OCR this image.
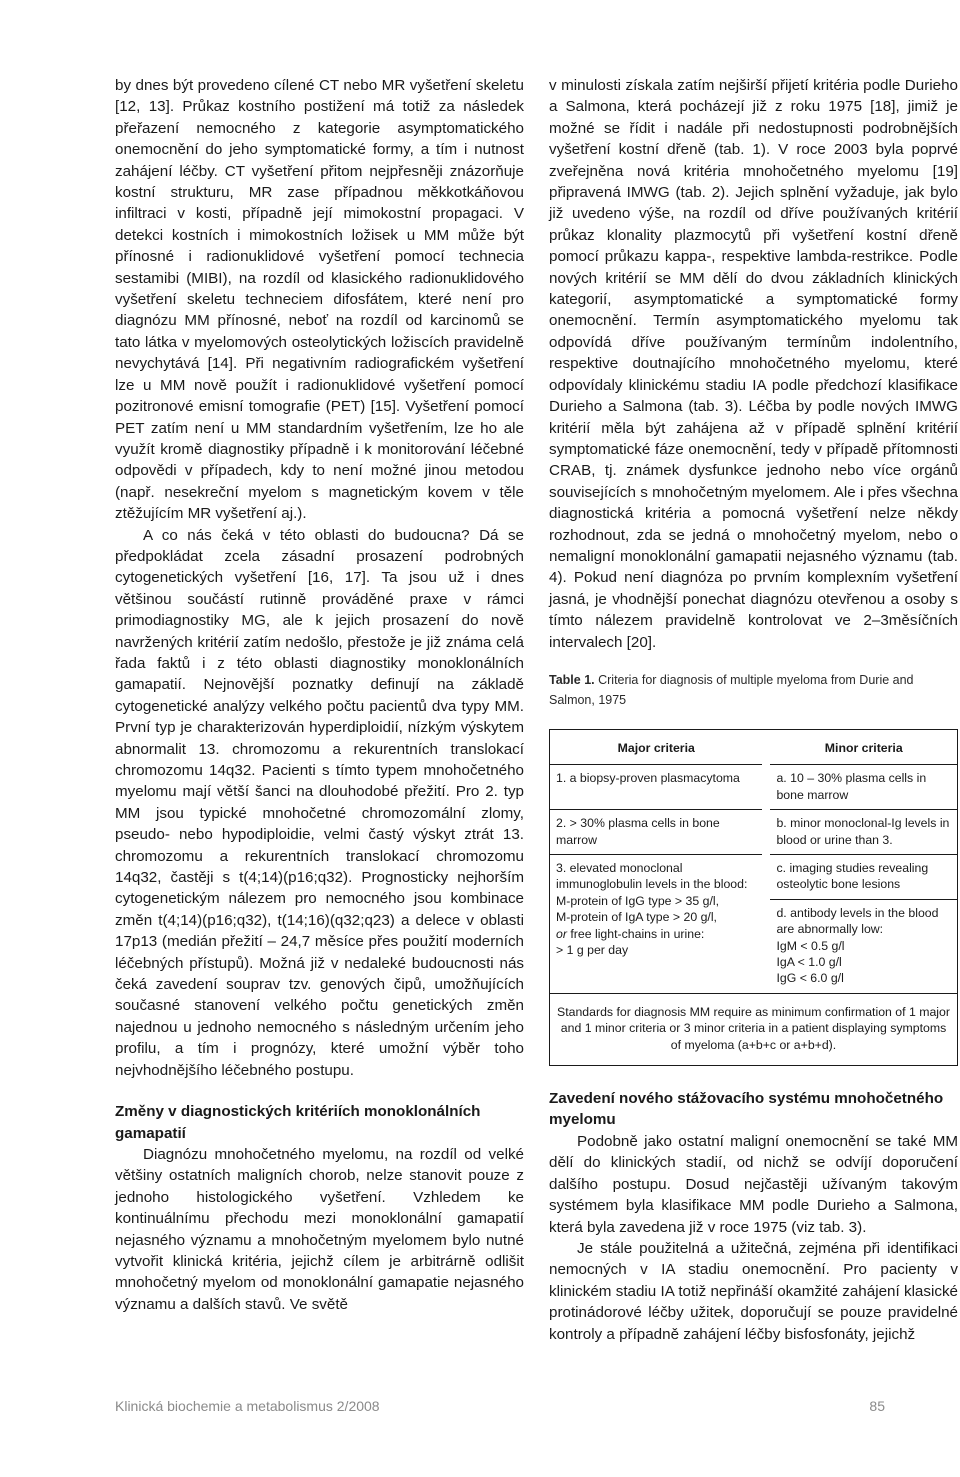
by dnes být provedeno cílené CT nebo MR vyšetření skeletu [12, 13]. Průkaz kostního postižení má totiž za následek přeřazení nemocného z kategorie asymptomatického onemocnění do jeho symptomatické formy, a tím i nutnost zahájení léčby. CT vyšetření přitom nejpřesněji znázorňuje kostní strukturu, MR zase případnou měkkotkáňovou infiltraci v kosti, případně její mimokostní propagaci. V detekci kostních i mimokostních ložisek u MM může být přínosné i radionuklidové vyšetření pomocí technecia sestamibi (MIBI), na rozdíl od klasického radionuklidového vyšetření skeletu techneciem difosfátem, které není pro diagnózu MM přínosné, neboť na rozdíl od karcinomů se tato látka v myelomových osteolytických ložiscích pravidelně nevychytává [14]. Při negativním radiografickém vyšetření lze u MM nově použít i radionuklidové vyšetření pomocí pozitronové emisní tomografie (PET) [15]. Vyšetření pomocí PET zatím není u MM standardním vyšetřením, lze ho ale využít kromě diagnostiky případně i k monitorování léčebné odpovědi v případech, kdy to není možné jinou metodou (např. nesekreční myelom s magnetickým kovem v těle ztěžujícím MR vyšetření aj.).

A co nás čeká v této oblasti do budoucna? Dá se předpokládat zcela zásadní prosazení podrobných cytogenetických vyšetření [16, 17]. Ta jsou už i dnes většinou součástí rutinně prováděné praxe v rámci primodiagnostiky MG, ale k jejich prosazení do nově navržených kritérií zatím nedošlo, přestože je již známa celá řada faktů i z této oblasti diagnostiky monoklonálních gamapatií. Nejnovější poznatky definují na základě cytogenetické analýzy velkého počtu pacientů dva typy MM. První typ je charakterizován hyperdiploidií, nízkým výskytem abnormalit 13. chromozomu a rekurentních translokací chromozomu 14q32. Pacienti s tímto typem mnohočetného myelomu mají větší šanci na dlouhodobé přežití. Pro 2. typ MM jsou typické mnohočetné chromozomální zlomy, pseudo- nebo hypodiploidie, velmi častý výskyt ztrát 13. chromozomu a rekurentních translokací chromozomu 14q32, častěji s t(4;14)(p16;q32). Prognosticky nejhorším cytogenetickým nálezem pro nemocného jsou kombinace změn t(4;14)(p16;q32), t(14;16)(q32;q23) a delece v oblasti 17p13 (medián přežití – 24,7 měsíce přes použití moderních léčebných přístupů). Možná již v nedaleké budoucnosti nás čeká zavedení souprav tzv. genových čipů, umožňujících současné stanovení velkého počtu genetických změn najednou u jednoho nemocného s následným určením jeho profilu, a tím i prognózy, které umožní výběr toho nejvhodnějšího léčebného postupu.

Změny v diagnostických kritériích monoklonálních gamapatií

Diagnózu mnohočetného myelomu, na rozdíl od velké většiny ostatních maligních chorob, nelze stanovit pouze z jednoho histologického vyšetření. Vzhledem ke kontinuálnímu přechodu mezi monoklonální gamapatií nejasného významu a mnohočetným myelomem bylo nutné vytvořit klinická kritéria, jejichž cílem je arbitrárně odlišit mnohočetný myelom od monoklonální gamapatie nejasného významu a dalších stavů. Ve světě

v minulosti získala zatím nejširší přijetí kritéria podle Durieho a Salmona, která pocházejí již z roku 1975 [18], jimiž je možné se řídit i nadále při nedostupnosti podrobnějších vyšetření kostní dřeně (tab. 1). V roce 2003 byla poprvé zveřejněna nová kritéria mnohočetného myelomu [19] připravená IMWG (tab. 2). Jejich splnění vyžaduje, jak bylo již uvedeno výše, na rozdíl od dříve používaných kritérií průkaz klonality plazmocytů při vyšetření kostní dřeně pomocí průkazu kappa-, respektive lambda-restrikce. Podle nových kritérií se MM dělí do dvou základních klinických kategorií, asymptomatické a symptomatické formy onemocnění. Termín asymptomatického myelomu tak odpovídá dříve používaným termínům indolentního, respektive doutnajícího mnohočetného myelomu, které odpovídaly klinickému stadiu IA podle předchozí klasifikace Durieho a Salmona (tab. 3). Léčba by podle nových IMWG kritérií měla být zahájena až v případě splnění kritérií symptomatické fáze onemocnění, tedy v případě přítomnosti CRAB, tj. známek dysfunkce jednoho nebo více orgánů souvisejících s mnohočetným myelomem. Ale i přes všechna diagnostická kritéria a pomocná vyšetření nelze někdy rozhodnout, zda se jedná o mnohočetný myelom, nebo o nemaligní monoklonální gamapatii nejasného významu (tab. 4). Pokud není diagnóza po prvním komplexním vyšetření jasná, je vhodnější ponechat diagnózu otevřenou a osoby s tímto nálezem pravidelně kontrolovat ve 2–3měsíčních intervalech [20].

Table 1. Criteria for diagnosis of multiple myeloma from Durie and Salmon, 1975
Major criteria		Minor criteria
1. a biopsy-proven plasmacytoma		a. 10 – 30% plasma cells in bone marrow
2. > 30% plasma cells in bone marrow		b. minor monoclonal-Ig levels in blood or urine than 3.

3. elevated monoclonal immunoglobulin levels in the blood:
M-protein of IgG type > 35 g/l,
M-protein of IgA type > 20 g/l,
or free light-chains in urine:
> 1 g per day		c. imaging studies revealing osteolytic bone lesions

		d. antibody levels in the blood are abnormally low:
IgM < 0.5 g/l
IgA < 1.0 g/l
IgG < 6.0 g/l

Standards for diagnosis MM require as minimum confirmation of 1 major and 1 minor criteria or 3 minor criteria in a patient displaying symptoms of myeloma (a+b+c or a+b+d).		
Zavedení nového stážovacího systému mnohočetného myelomu

Podobně jako ostatní maligní onemocnění se také MM dělí do klinických stadií, od nichž se odvíjí doporučení dalšího postupu. Dosud nejčastěji užívaným takovým systémem byla klasifikace MM podle Durieho a Salmona, která byla zavedena již v roce 1975 (viz tab. 3).

Je stále použitelná a užitečná, zejména při identifikaci nemocných v IA stadiu onemocnění. Pro pacienty v klinickém stadiu IA totiž nepřináší okamžité zahájení klasické protinádorové léčby užitek, doporučují se pouze pravidelné kontroly a případně zahájení léčby bisfosfonáty, jejichž

Klinická biochemie a metabolismus 2/2008	85
